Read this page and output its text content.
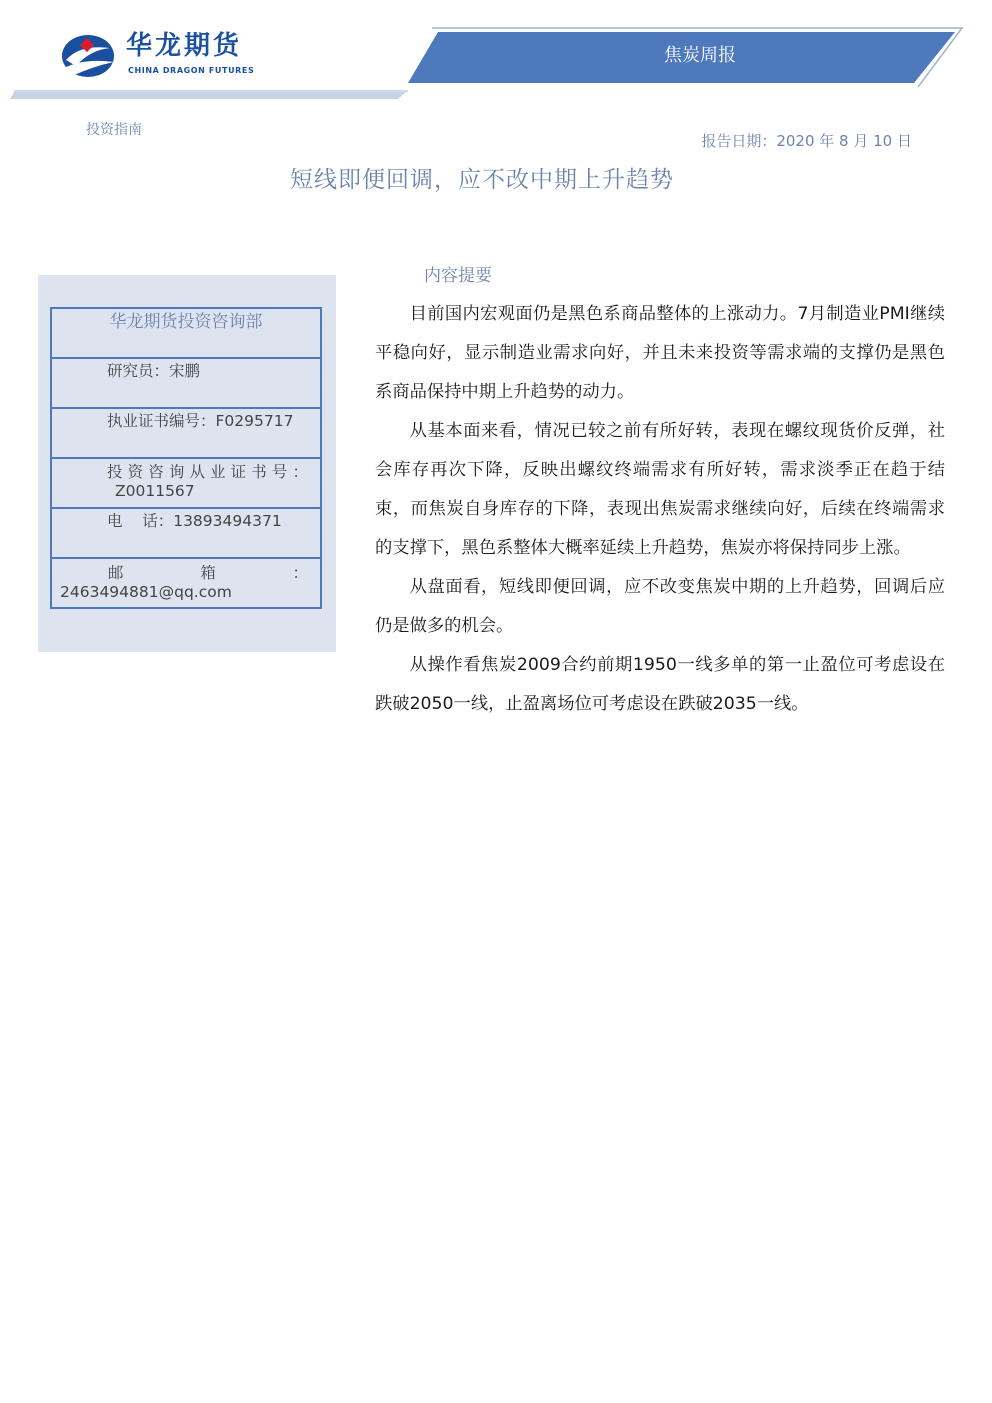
华龙期货
CHINA DRAGON FUTURES
焦炭周报
投资指南
报告日期：2020 年 8 月 10 日
短线即便回调，应不改中期上升趋势
华龙期货投资咨询部
研究员：宋鹏
执业证书编号：F0295717
投 资 咨 询 从 业 证 书 号 ：
Z0011567
电    话：13893494371
邮	箱	：
2463494881@qq.com
内容提要

目前国内宏观面仍是黑色系商品整体的上涨动力。7月制造业PMI继续平稳向好，显示制造业需求向好，并且未来投资等需求端的支撑仍是黑色系商品保持中期上升趋势的动力。

从基本面来看，情况已较之前有所好转，表现在螺纹现货价反弹，社会库存再次下降，反映出螺纹终端需求有所好转，需求淡季正在趋于结束，而焦炭自身库存的下降，表现出焦炭需求继续向好，后续在终端需求的支撑下，黑色系整体大概率延续上升趋势，焦炭亦将保持同步上涨。

从盘面看，短线即便回调，应不改变焦炭中期的上升趋势，回调后应仍是做多的机会。

从操作看焦炭2009合约前期1950一线多单的第一止盈位可考虑设在跌破2050一线，止盈离场位可考虑设在跌破2035一线。
